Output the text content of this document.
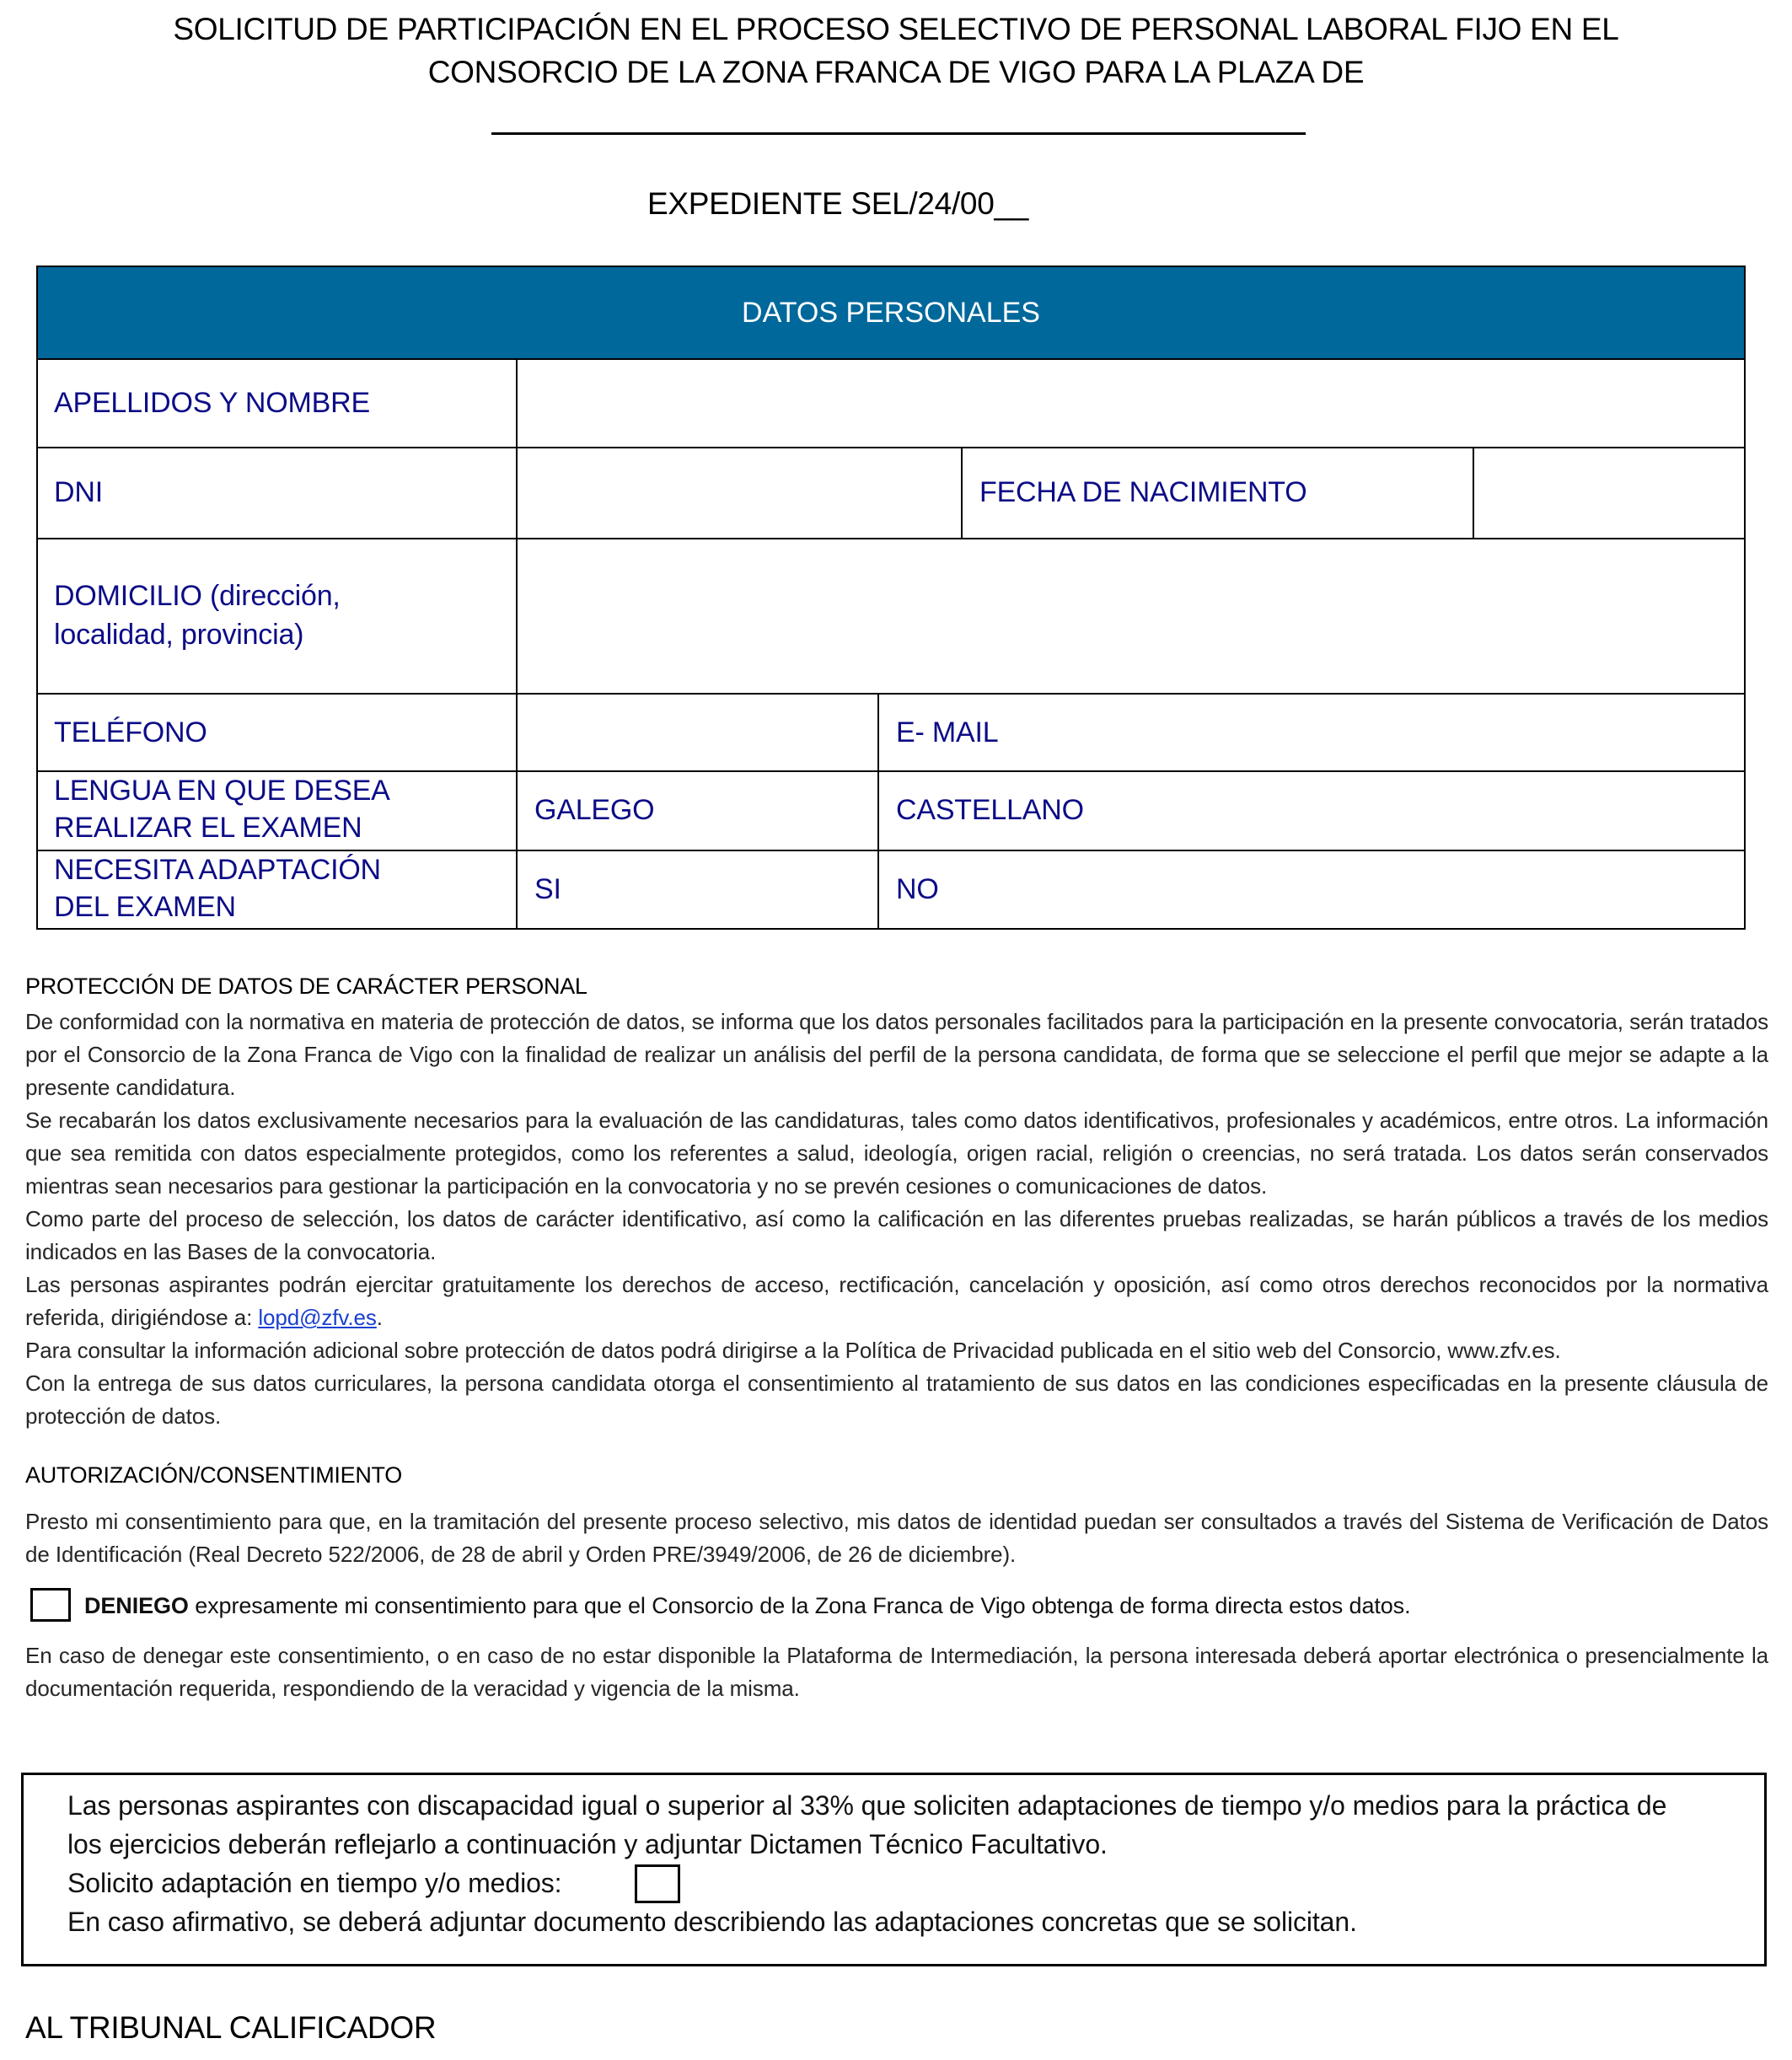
SOLICITUD DE PARTICIPACIÓN EN EL PROCESO SELECTIVO DE PERSONAL LABORAL FIJO EN EL
CONSORCIO DE LA ZONA FRANCA DE VIGO PARA LA PLAZA DE
EXPEDIENTE SEL/24/00__
DATOS PERSONALES
APELLIDOS Y NOMBRE
DNI	FECHA DE NACIMIENTO
DOMICILIO (dirección,
localidad, provincia)
TELÉFONO	E- MAIL
LENGUA EN QUE DESEA
REALIZAR EL EXAMEN
GALEGO	CASTELLANO
NECESITA ADAPTACIÓN
DEL EXAMEN
SI	NO
PROTECCIÓN DE DATOS DE CARÁCTER PERSONAL

De conformidad con la normativa en materia de protección de datos, se informa que los datos personales facilitados para la participación en la presente convocatoria, serán tratados por el Consorcio de la Zona Franca de Vigo con la finalidad de realizar un análisis del perfil de la persona candidata, de forma que se seleccione el perfil que mejor se adapte a la presente candidatura.

Se recabarán los datos exclusivamente necesarios para la evaluación de las candidaturas, tales como datos identificativos, profesionales y académicos, entre otros. La información que sea remitida con datos especialmente protegidos, como los referentes a salud, ideología, origen racial, religión o creencias, no será tratada. Los datos serán conservados mientras sean necesarios para gestionar la participación en la convocatoria y no se prevén cesiones o comunicaciones de datos.

Como parte del proceso de selección, los datos de carácter identificativo, así como la calificación en las diferentes pruebas realizadas, se harán públicos a través de los medios indicados en las Bases de la convocatoria.

Las personas aspirantes podrán ejercitar gratuitamente los derechos de acceso, rectificación, cancelación y oposición, así como otros derechos reconocidos por la normativa referida, dirigiéndose a: lopd@zfv.es.

Para consultar la información adicional sobre protección de datos podrá dirigirse a la Política de Privacidad publicada en el sitio web del Consorcio, www.zfv.es.

Con la entrega de sus datos curriculares, la persona candidata otorga el consentimiento al tratamiento de sus datos en las condiciones especificadas en la presente cláusula de protección de datos.

AUTORIZACIÓN/CONSENTIMIENTO
Presto mi consentimiento para que, en la tramitación del presente proceso selectivo, mis datos de identidad puedan ser consultados a través del Sistema de Verificación de Datos de Identificación (Real Decreto 522/2006, de 28 de abril y Orden PRE/3949/2006, de 26 de diciembre).
DENIEGO expresamente mi consentimiento para que el Consorcio de la Zona Franca de Vigo obtenga de forma directa estos datos.
En caso de denegar este consentimiento, o en caso de no estar disponible la Plataforma de Intermediación, la persona interesada deberá aportar electrónica o presencialmente la documentación requerida, respondiendo de la veracidad y vigencia de la misma.
Las personas aspirantes con discapacidad igual o superior al 33% que soliciten adaptaciones de tiempo y/o medios para la práctica de
los ejercicios deberán reflejarlo a continuación y adjuntar Dictamen Técnico Facultativo.
Solicito adaptación en tiempo y/o medios:
En caso afirmativo, se deberá adjuntar documento describiendo las adaptaciones concretas que se solicitan.
AL TRIBUNAL CALIFICADOR
